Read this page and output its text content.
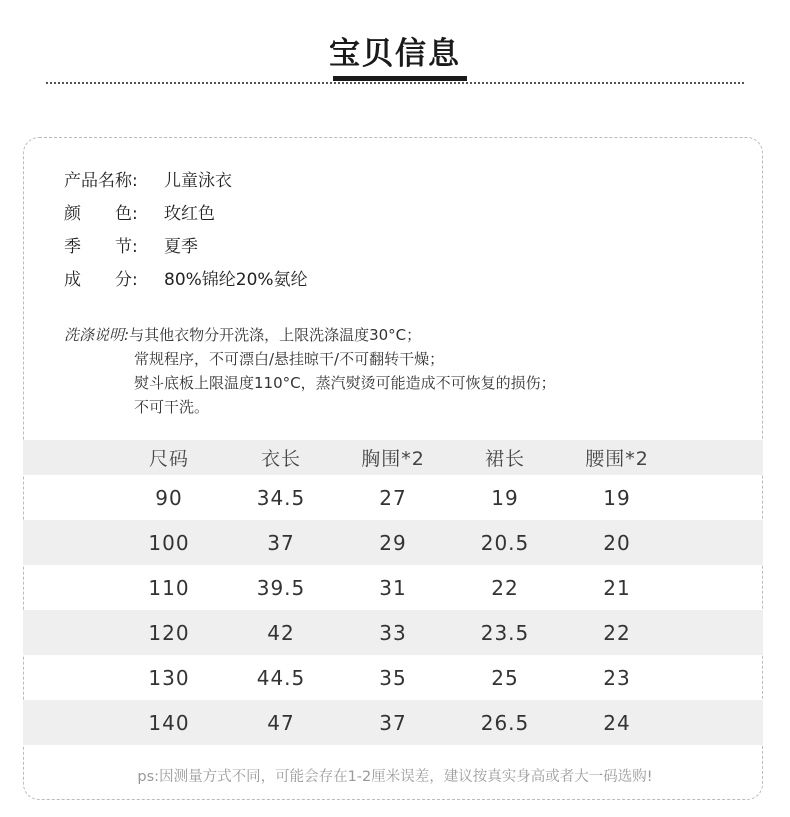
宝贝信息
产品名称:	儿童泳衣
颜　　色:	玫红色
季　　节:	夏季
成　　分:	80%锦纶20%氨纶
洗涤说明:与其他衣物分开洗涤，上限洗涤温度30°C；
常规程序，不可漂白/悬挂晾干/不可翻转干燥；
熨斗底板上限温度110°C，蒸汽熨烫可能造成不可恢复的损伤；
不可干洗。
尺码	衣长	胸围*2	裙长	腰围*2
90	34.5	27	19	19
100	37	29	20.5	20
110	39.5	31	22	21
120	42	33	23.5	22
130	44.5	35	25	23
140	47	37	26.5	24
ps:因测量方式不同，可能会存在1-2厘米误差，建议按真实身高或者大一码选购!
